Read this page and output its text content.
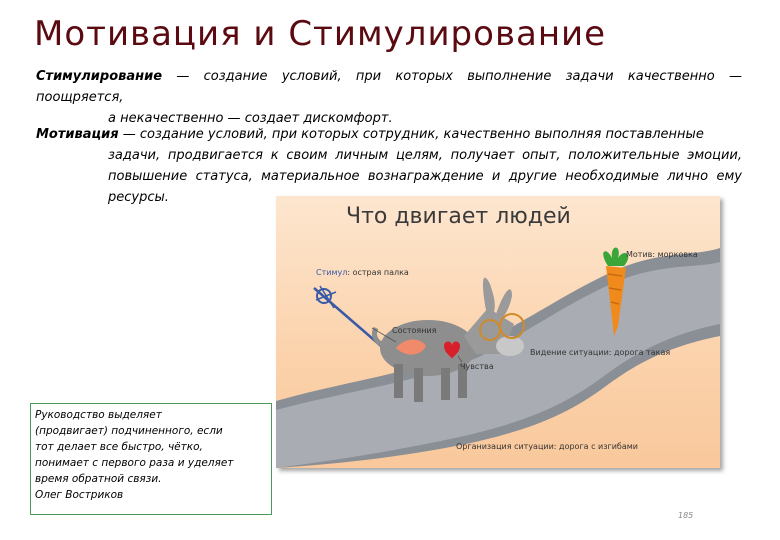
Мотивация и Стимулирование

Стимулирование — создание условий, при которых выполнение задачи качественно — поощряется,
а некачественно — создает дискомфорт.

Мотивация — создание условий, при которых сотрудник, качественно выполняя поставленные
задачи, продвигается к своим личным целям, получает опыт, положительные эмоции, повышение статуса, материальное вознаграждение и другие необходимые лично ему ресурсы.

Что двигает людей
Мотив: морковка
Стимул: острая палка
Состояния
Чувства
Видение ситуации: дорога такая
Организация ситуации: дорога с изгибами
Руководство выделяет
(продвигает) подчиненного, если
тот делает все быстро, чётко,
понимает с первого раза и уделяет
время обратной связи.
Олег Востриков
185
